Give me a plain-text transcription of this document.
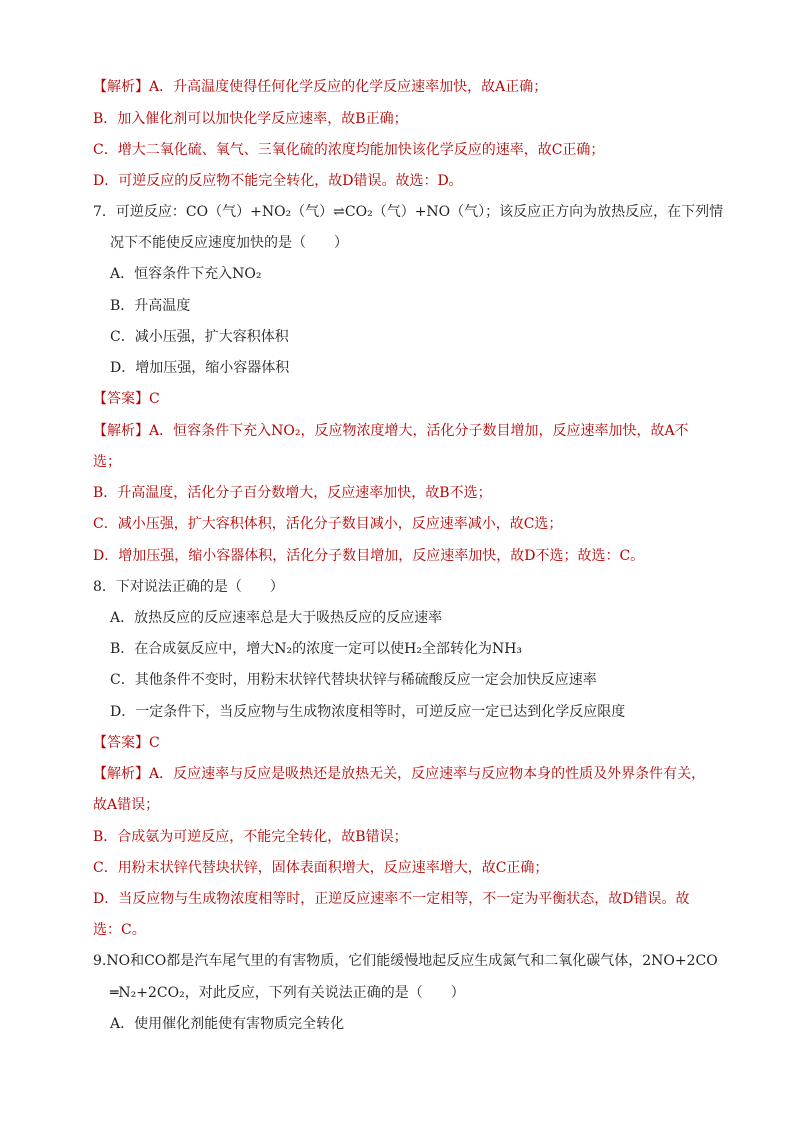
【解析】A．升高温度使得任何化学反应的化学反应速率加快，故A正确；
B．加入催化剂可以加快化学反应速率，故B正确；
C．增大二氧化硫、氧气、三氧化硫的浓度均能加快该化学反应的速率，故C正确；
D．可逆反应的反应物不能完全转化，故D错误。故选：D。
7．可逆反应：CO（气）+NO₂（气）⇌CO₂（气）+NO（气）；该反应正方向为放热反应，在下列情
况下不能使反应速度加快的是（　　）
A．恒容条件下充入NO₂
B．升高温度
C．减小压强，扩大容积体积
D．增加压强，缩小容器体积
【答案】C
【解析】A．恒容条件下充入NO₂，反应物浓度增大，活化分子数目增加，反应速率加快，故A不
选；
B．升高温度，活化分子百分数增大，反应速率加快，故B不选；
C．减小压强，扩大容积体积，活化分子数目减小，反应速率减小，故C选；
D．增加压强，缩小容器体积，活化分子数目增加，反应速率加快，故D不选；故选：C。
8．下对说法正确的是（　　）
A．放热反应的反应速率总是大于吸热反应的反应速率
B．在合成氨反应中，增大N₂的浓度一定可以使H₂全部转化为NH₃
C．其他条件不变时，用粉末状锌代替块状锌与稀硫酸反应一定会加快反应速率
D．一定条件下，当反应物与生成物浓度相等时，可逆反应一定已达到化学反应限度
【答案】C
【解析】A．反应速率与反应是吸热还是放热无关，反应速率与反应物本身的性质及外界条件有关，
故A错误；
B．合成氨为可逆反应，不能完全转化，故B错误；
C．用粉末状锌代替块状锌，固体表面积增大，反应速率增大，故C正确；
D．当反应物与生成物浓度相等时，正逆反应速率不一定相等，不一定为平衡状态，故D错误。故
选：C。
9.NO和CO都是汽车尾气里的有害物质，它们能缓慢地起反应生成氮气和二氧化碳气体，2NO+2CO
═N₂+2CO₂，对此反应，下列有关说法正确的是（　　）
A．使用催化剂能使有害物质完全转化
